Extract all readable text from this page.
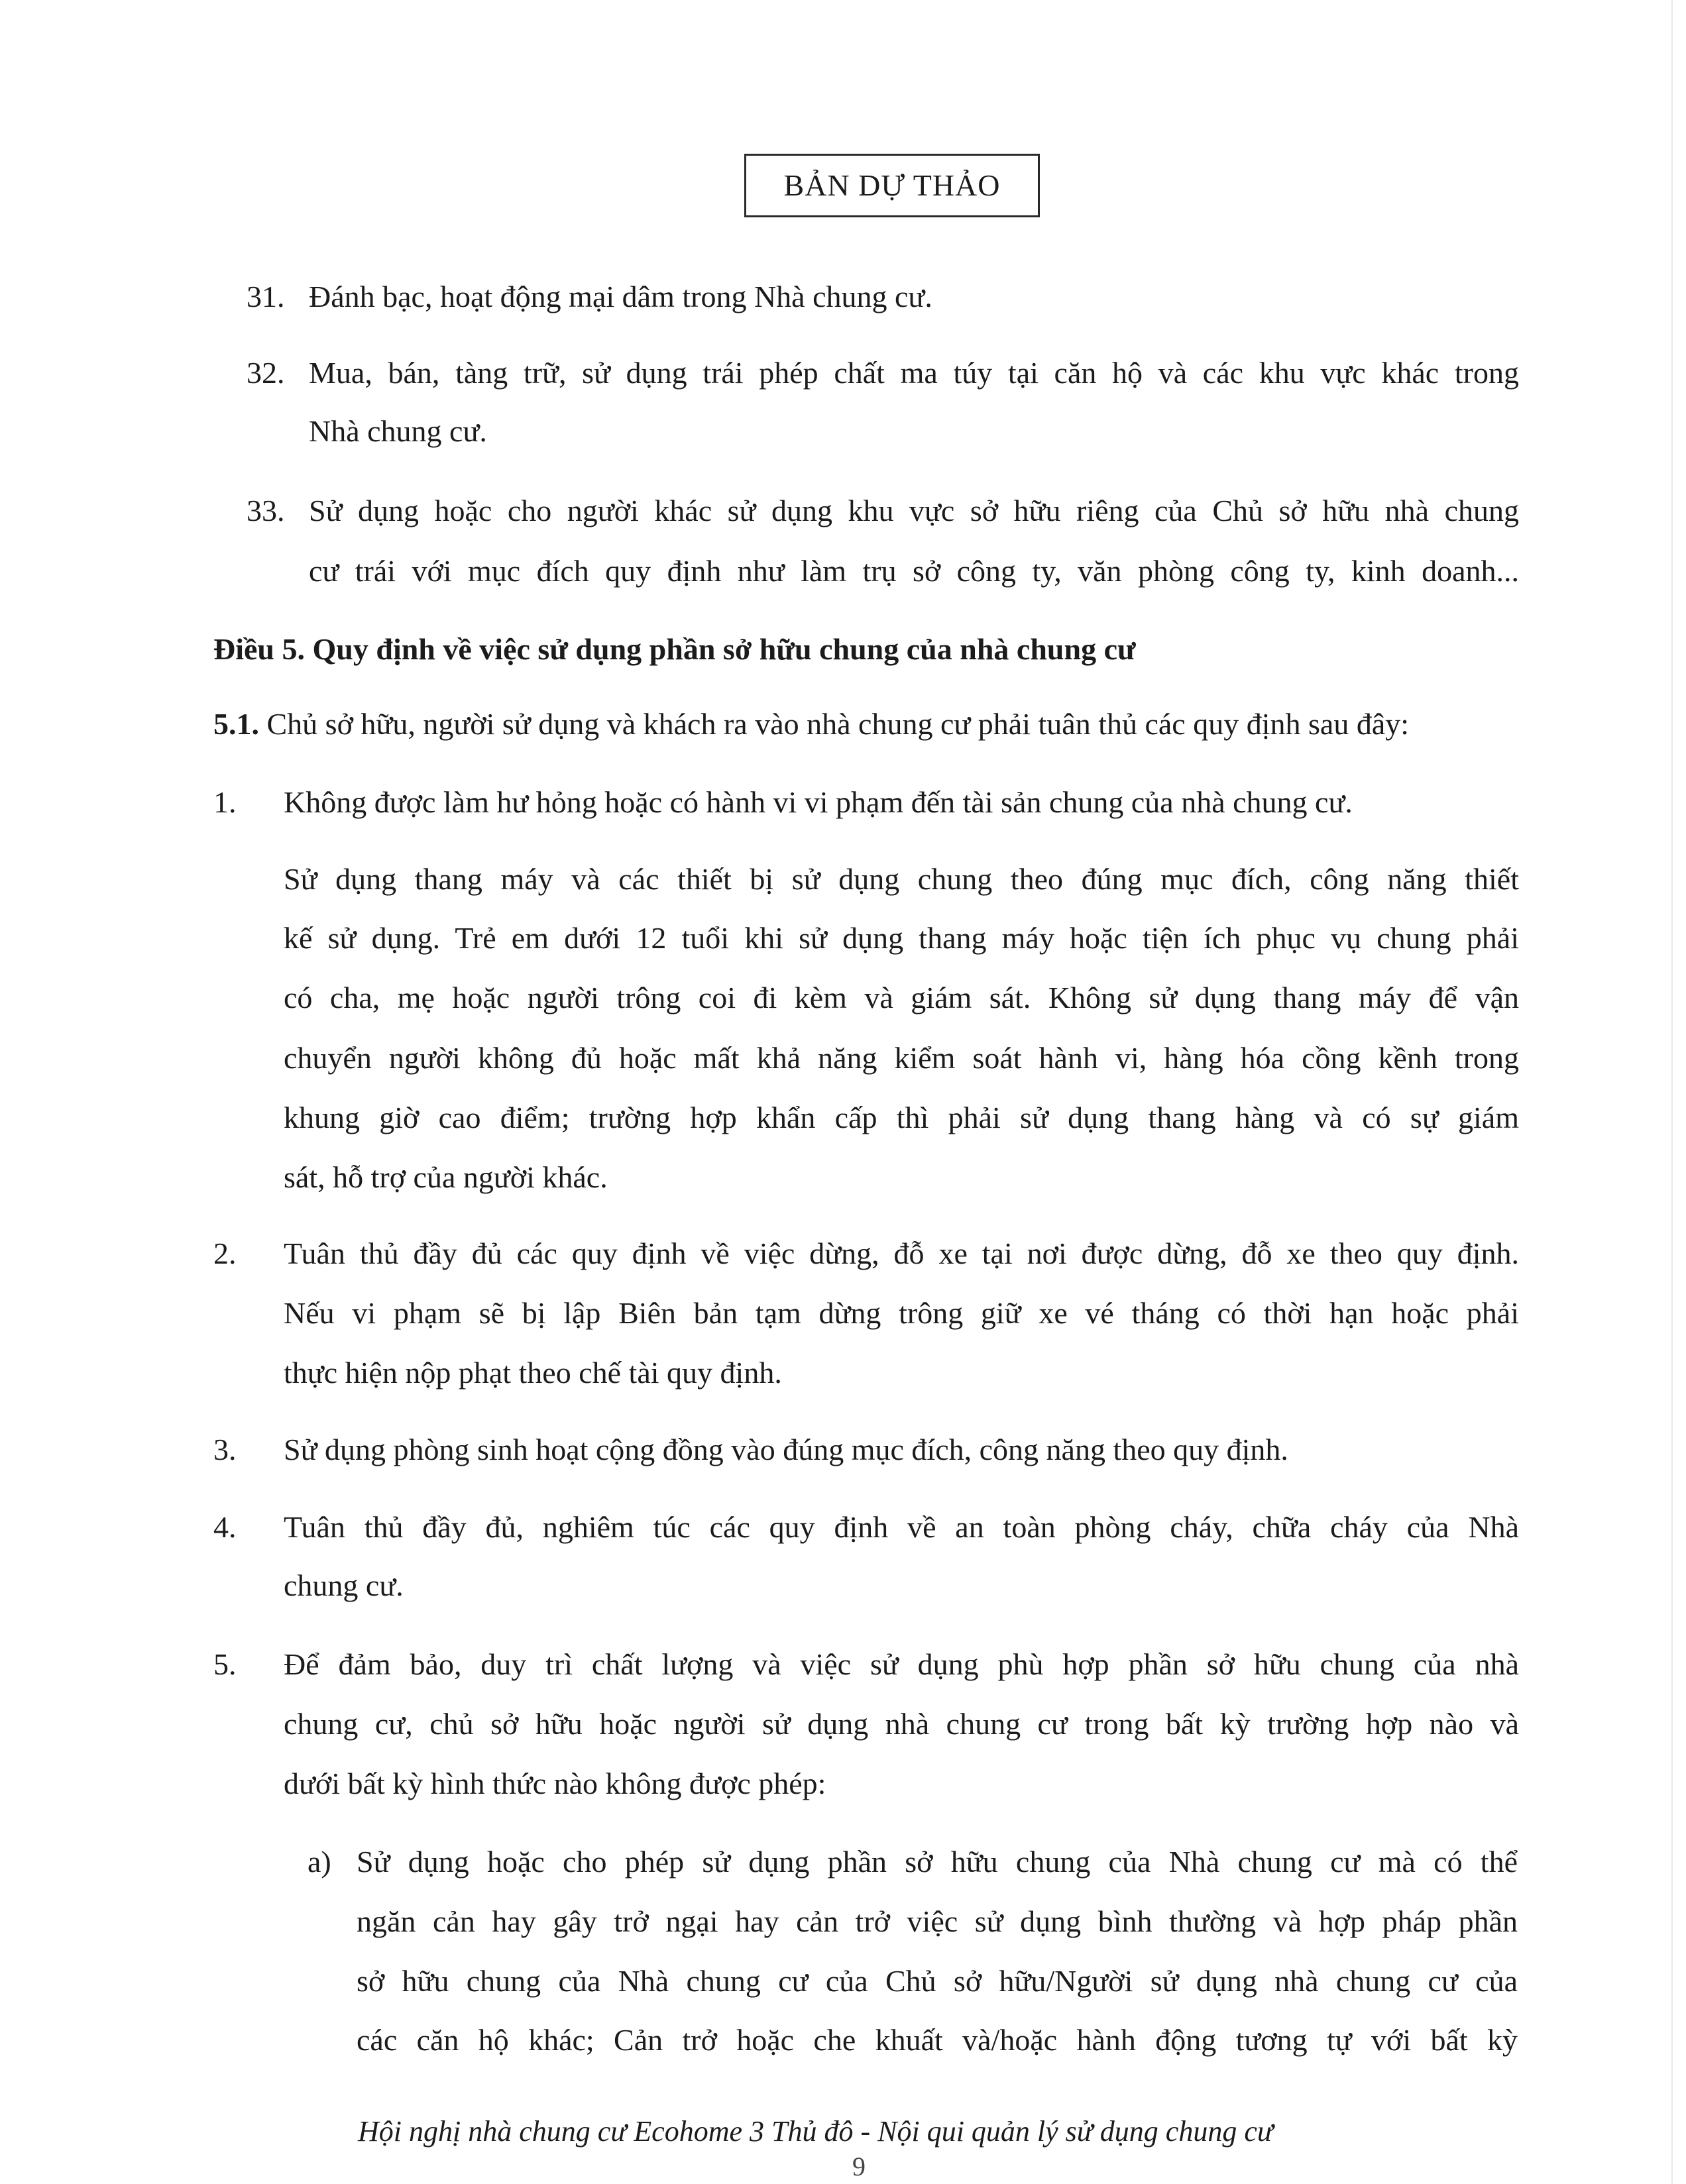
BẢN DỰ THẢO
31. Đánh bạc, hoạt động mại dâm trong Nhà chung cư.
32. Mua, bán, tàng trữ, sử dụng trái phép chất ma túy tại căn hộ và các khu vực khác trong
Nhà chung cư.
33. Sử dụng hoặc cho người khác sử dụng khu vực sở hữu riêng của Chủ sở hữu nhà chung
cư trái với mục đích quy định như làm trụ sở công ty, văn phòng công ty, kinh doanh...
Điều 5. Quy định về việc sử dụng phần sở hữu chung của nhà chung cư
5.1. Chủ sở hữu, người sử dụng và khách ra vào nhà chung cư phải tuân thủ các quy định sau đây:
1. Không được làm hư hỏng hoặc có hành vi vi phạm đến tài sản chung của nhà chung cư.
Sử dụng thang máy và các thiết bị sử dụng chung theo đúng mục đích, công năng thiết
kế sử dụng. Trẻ em dưới 12 tuổi khi sử dụng thang máy hoặc tiện ích phục vụ chung phải
có cha, mẹ hoặc người trông coi đi kèm và giám sát. Không sử dụng thang máy để vận
chuyển người không đủ hoặc mất khả năng kiểm soát hành vi, hàng hóa cồng kềnh trong
khung giờ cao điểm; trường hợp khẩn cấp thì phải sử dụng thang hàng và có sự giám
sát, hỗ trợ của người khác.
2. Tuân thủ đầy đủ các quy định về việc dừng, đỗ xe tại nơi được dừng, đỗ xe theo quy định.
Nếu vi phạm sẽ bị lập Biên bản tạm dừng trông giữ xe vé tháng có thời hạn hoặc phải
thực hiện nộp phạt theo chế tài quy định.
3. Sử dụng phòng sinh hoạt cộng đồng vào đúng mục đích, công năng theo quy định.
4. Tuân thủ đầy đủ, nghiêm túc các quy định về an toàn phòng cháy, chữa cháy của Nhà
chung cư.
5. Để đảm bảo, duy trì chất lượng và việc sử dụng phù hợp phần sở hữu chung của nhà
chung cư, chủ sở hữu hoặc người sử dụng nhà chung cư trong bất kỳ trường hợp nào và
dưới bất kỳ hình thức nào không được phép:
a) Sử dụng hoặc cho phép sử dụng phần sở hữu chung của Nhà chung cư mà có thể
ngăn cản hay gây trở ngại hay cản trở việc sử dụng bình thường và hợp pháp phần
sở hữu chung của Nhà chung cư của Chủ sở hữu/Người sử dụng nhà chung cư của
các căn hộ khác; Cản trở hoặc che khuất và/hoặc hành động tương tự với bất kỳ
Hội nghị nhà chung cư Ecohome 3 Thủ đô - Nội qui quản lý sử dụng chung cư
9
